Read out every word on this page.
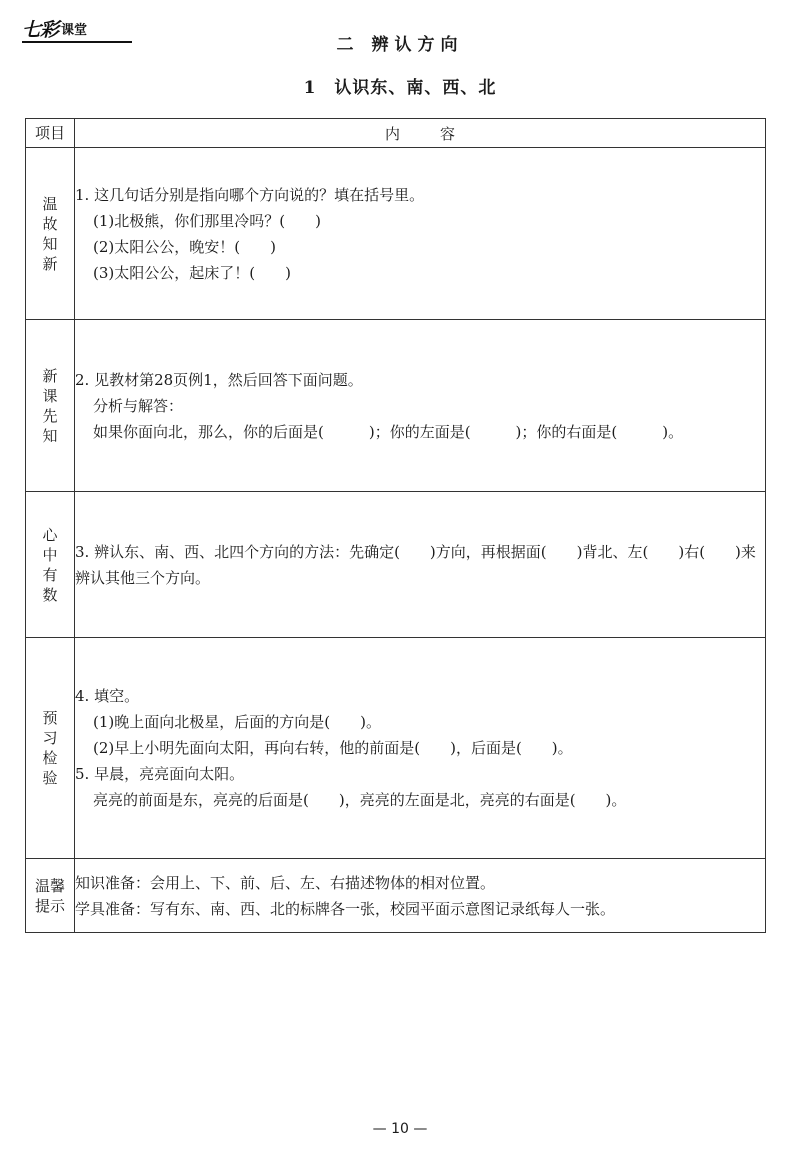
七彩 课堂
二 辨认方向
1　认识东、南、西、北
项目	内容
温故知新	1. 这几句话分别是指向哪个方向说的？填在括号里。
(1)北极熊，你们那里冷吗？(　　)
(2)太阳公公，晚安！(　　)
(3)太阳公公，起床了！(　　)

新课先知	2. 见教材第28页例1，然后回答下面问题。
分析与解答：
如果你面向北，那么，你的后面是(　　　)；你的左面是(　　　)；你的右面是(　　　)。

心中有数	3. 辨认东、南、西、北四个方向的方法：先确定(　　)方向，再根据面(　　)背北、左(　　)右(　　)来辨认其他三个方向。

预习检验	4. 填空。
(1)晚上面向北极星，后面的方向是(　　)。
(2)早上小明先面向太阳，再向右转，他的前面是(　　)，后面是(　　)。
5. 早晨，亮亮面向太阳。
亮亮的前面是东，亮亮的后面是(　　)，亮亮的左面是北，亮亮的右面是(　　)。

温馨提示	知识准备：会用上、下、前、后、左、右描述物体的相对位置。
学具准备：写有东、南、西、北的标牌各一张，校园平面示意图记录纸每人一张。
— 10 —
